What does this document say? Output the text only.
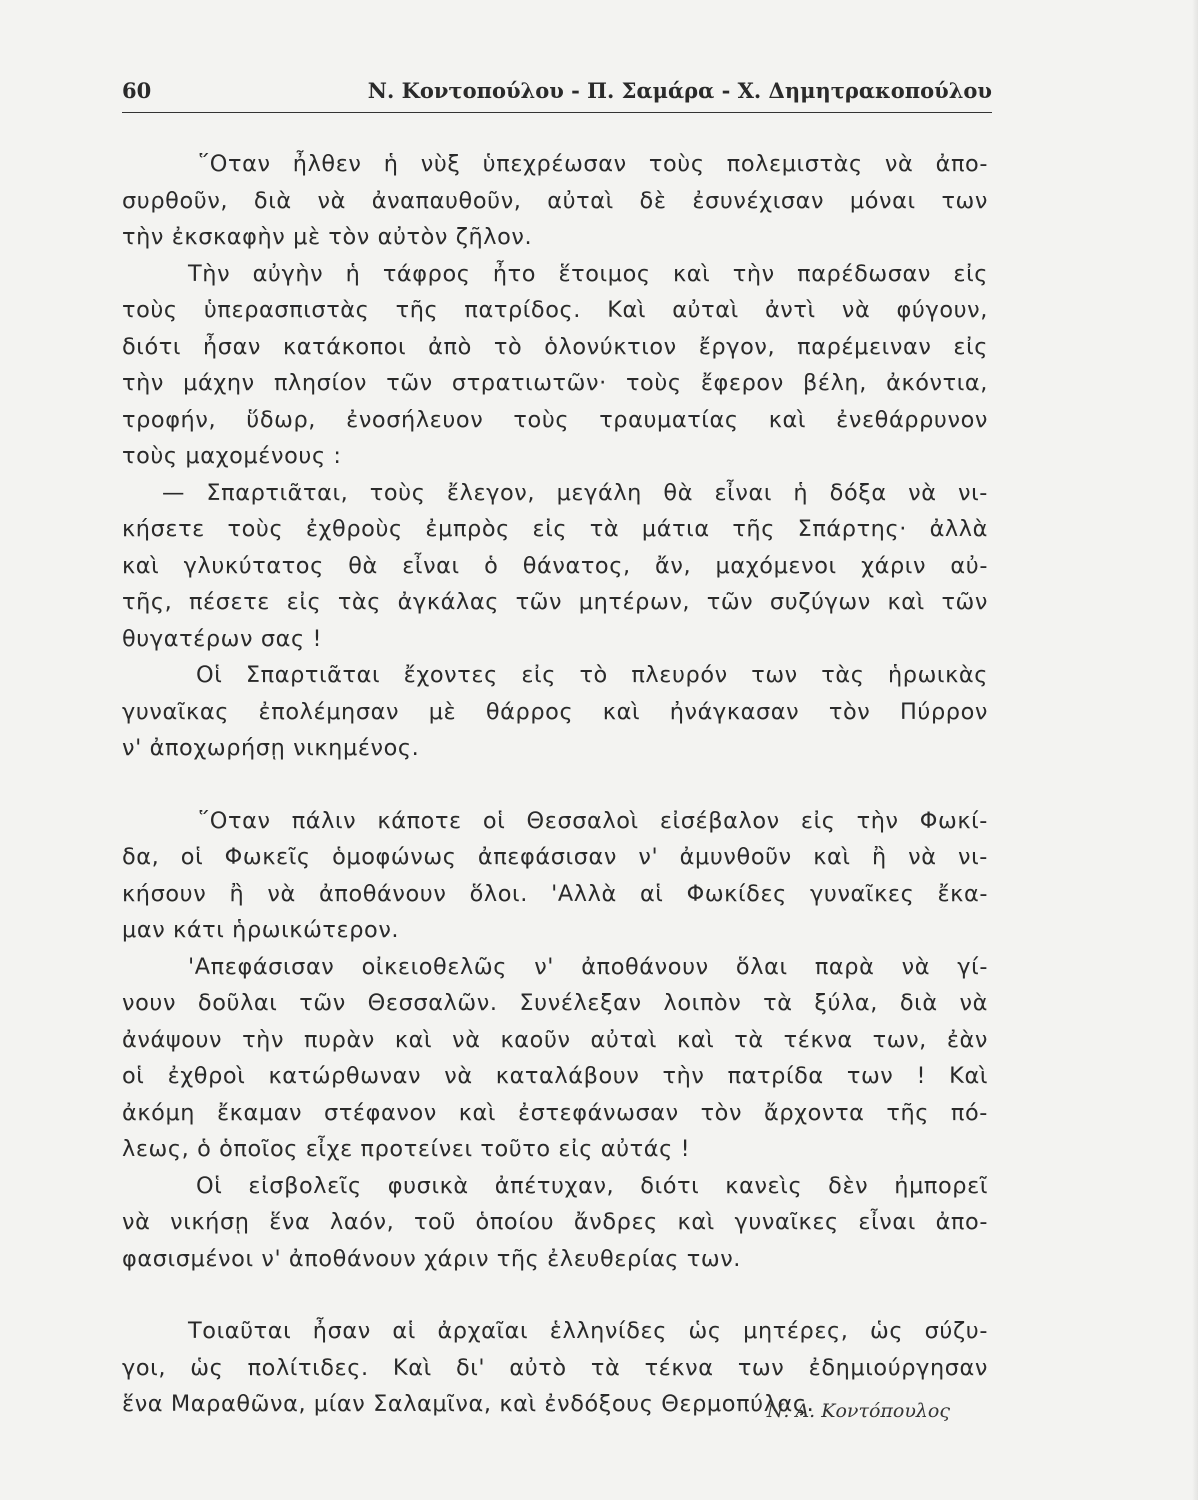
60	Ν. Κοντοπούλου - Π. Σαμάρα - Χ. Δημητρακοπούλου
῞Οταν ἦλθεν ἡ νὺξ ὑπεχρέωσαν τοὺς πολεμιστὰς νὰ ἀπο-
συρθοῦν, διὰ νὰ ἀναπαυθοῦν, αὐταὶ δὲ ἐσυνέχισαν μόναι των
τὴν ἐκσκαφὴν μὲ τὸν αὐτὸν ζῆλον.
Τὴν αὐγὴν ἡ τάφρος ἦτο ἕτοιμος καὶ τὴν παρέδωσαν εἰς
τοὺς ὑπερασπιστὰς τῆς πατρίδος. Καὶ αὐταὶ ἀντὶ νὰ φύγουν,
διότι ἦσαν κατάκοποι ἀπὸ τὸ ὁλονύκτιον ἔργον, παρέμειναν εἰς
τὴν μάχην πλησίον τῶν στρατιωτῶν· τοὺς ἔφερον βέλη, ἀκόντια,
τροφήν, ὕδωρ, ἐνοσήλευον τοὺς τραυματίας καὶ ἐνεθάρρυνον
τοὺς μαχομένους :
— Σπαρτιᾶται, τοὺς ἔλεγον, μεγάλη θὰ εἶναι ἡ δόξα νὰ νι-
κήσετε τοὺς ἐχθροὺς ἐμπρὸς εἰς τὰ μάτια τῆς Σπάρτης· ἀλλὰ
καὶ γλυκύτατος θὰ εἶναι ὁ θάνατος, ἄν, μαχόμενοι χάριν αὐ-
τῆς, πέσετε εἰς τὰς ἀγκάλας τῶν μητέρων, τῶν συζύγων καὶ τῶν
θυγατέρων σας !
Οἱ Σπαρτιᾶται ἔχοντες εἰς τὸ πλευρόν των τὰς ἡρωικὰς
γυναῖκας ἐπολέμησαν μὲ θάρρος καὶ ἠνάγκασαν τὸν Πύρρον
ν' ἀποχωρήσῃ νικημένος.
῞Οταν πάλιν κάποτε οἱ Θεσσαλοὶ εἰσέβαλον εἰς τὴν Φωκί-
δα, οἱ Φωκεῖς ὁμοφώνως ἀπεφάσισαν ν' ἀμυνθοῦν καὶ ἢ νὰ νι-
κήσουν ἢ νὰ ἀποθάνουν ὅλοι. 'Αλλὰ αἱ Φωκίδες γυναῖκες ἔκα-
μαν κάτι ἡρωικώτερον.
'Απεφάσισαν οἰκειοθελῶς ν' ἀποθάνουν ὅλαι παρὰ νὰ γί-
νουν δοῦλαι τῶν Θεσσαλῶν. Συνέλεξαν λοιπὸν τὰ ξύλα, διὰ νὰ
ἀνάψουν τὴν πυρὰν καὶ νὰ καοῦν αὐταὶ καὶ τὰ τέκνα των, ἐὰν
οἱ ἐχθροὶ κατώρθωναν νὰ καταλάβουν τὴν πατρίδα των ! Καὶ
ἀκόμη ἔκαμαν στέφανον καὶ ἐστεφάνωσαν τὸν ἄρχοντα τῆς πό-
λεως, ὁ ὁποῖος εἶχε προτείνει τοῦτο εἰς αὐτάς !
Οἱ εἰσβολεῖς φυσικὰ ἀπέτυχαν, διότι κανεὶς δὲν ἠμπορεῖ
νὰ νικήσῃ ἕνα λαόν, τοῦ ὁποίου ἄνδρες καὶ γυναῖκες εἶναι ἀπο-
φασισμένοι ν' ἀποθάνουν χάριν τῆς ἐλευθερίας των.
Τοιαῦται ἦσαν αἱ ἀρχαῖαι ἑλληνίδες ὡς μητέρες, ὡς σύζυ-
γοι, ὡς πολίτιδες. Καὶ δι' αὐτὸ τὰ τέκνα των ἐδημιούργησαν
ἕνα Μαραθῶνα, μίαν Σαλαμῖνα, καὶ ἐνδόξους Θερμοπύλας.
Ν. Α. Κοντόπουλος
